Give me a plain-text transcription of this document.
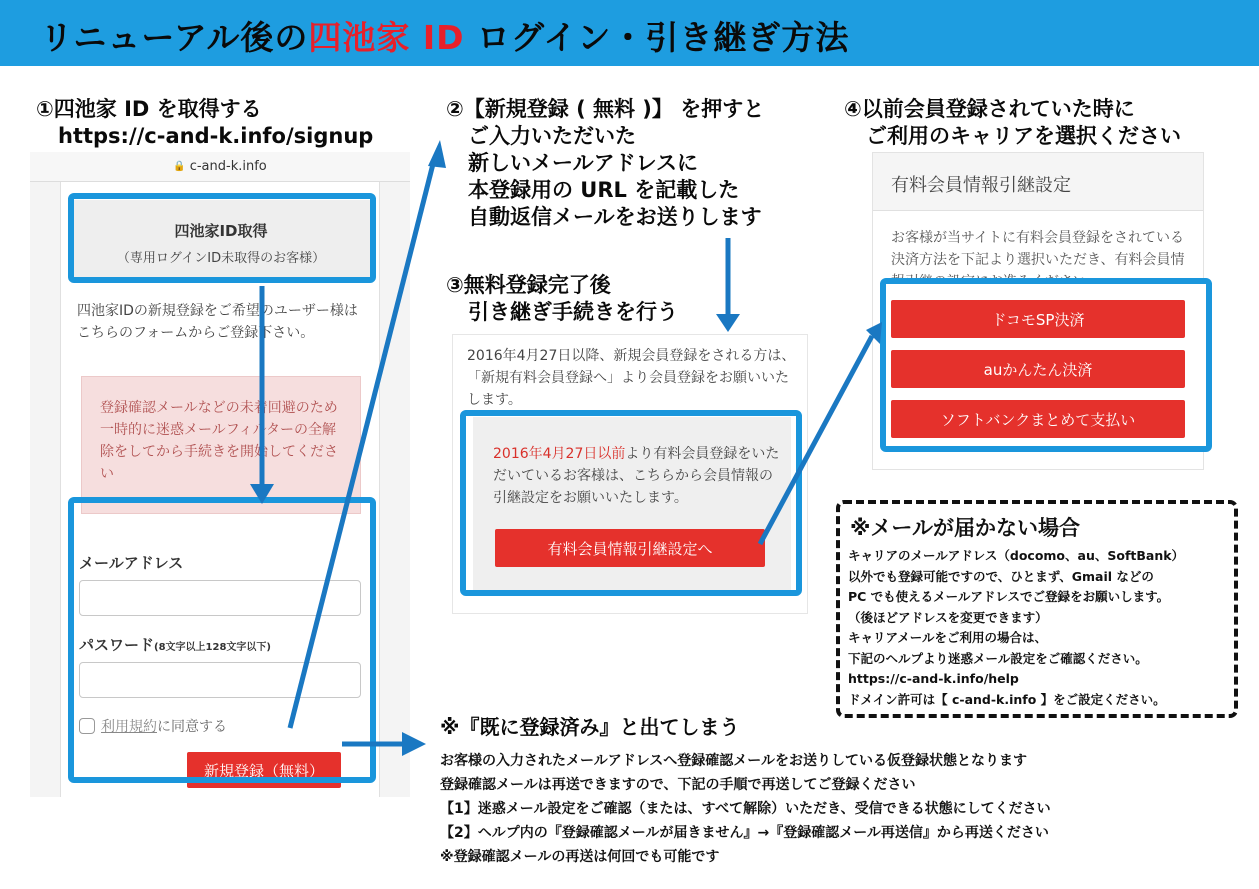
リニューアル後の四池家 ID ログイン・引き継ぎ方法
①四池家 ID を取得する
https://c-and-k.info/signup
🔒 c-and-k.info
四池家ID取得
（専用ログインID未取得のお客様）
四池家IDの新規登録をご希望のユーザー様はこちらのフォームからご登録下さい。
登録確認メールなどの未着回避のため一時的に迷惑メールフィルターの全解除をしてから手続きを開始してください
メールアドレス
パスワード(8文字以上128文字以下)
利用規約 に同意する
新規登録（無料）
②【新規登録 ( 無料 )】 を押すと
ご入力いただいた
新しいメールアドレスに
本登録用の URL を記載した
自動返信メールをお送りします
③無料登録完了後
引き継ぎ手続きを行う
2016年4月27日以降、新規会員登録をされる方は、「新規有料会員登録へ」より会員登録をお願いいたします。
2016年4月27日以前より有料会員登録をいただいているお客様は、こちらから会員情報の引継設定をお願いいたします。
有料会員情報引継設定へ
④以前会員登録されていた時に
ご利用のキャリアを選択ください
有料会員情報引継設定
お客様が当サイトに有料会員登録をされている決済方法を下記より選択いただき、有料会員情
ドコモSP決済
auかんたん決済
ソフトバンクまとめて支払い
※メールが届かない場合
キャリアのメールアドレス（docomo、au、SoftBank）
以外でも登録可能ですので、ひとまず、Gmail などの
PC でも使えるメールアドレスでご登録をお願いします。
（後ほどアドレスを変更できます）
キャリアメールをご利用の場合は、
下記のヘルプより迷惑メール設定をご確認ください。
https://c-and-k.info/help
ドメイン許可は【 c-and-k.info 】をご設定ください。
※『既に登録済み』と出てしまう
お客様の入力されたメールアドレスへ登録確認メールをお送りしている仮登録状態となります
登録確認メールは再送できますので、下記の手順で再送してご登録ください
【1】迷惑メール設定をご確認（または、すべて解除）いただき、受信できる状態にしてください
【2】ヘルプ内の『登録確認メールが届きません』→『登録確認メール再送信』から再送ください
※登録確認メールの再送は何回でも可能です
